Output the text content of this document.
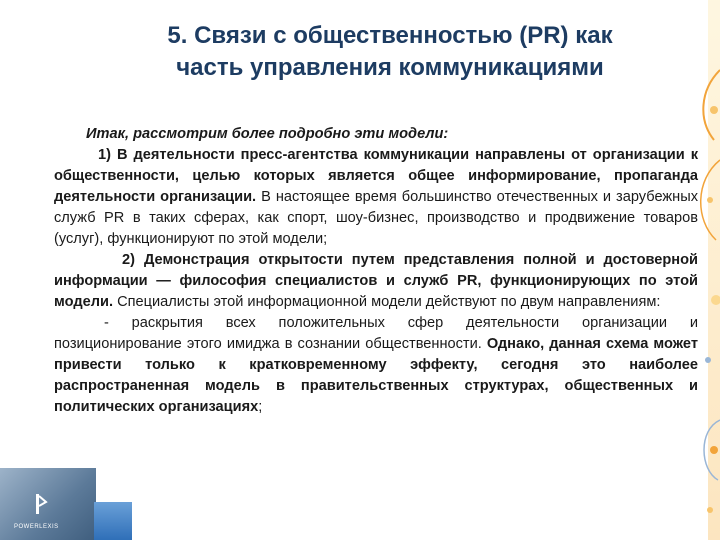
POWERLEXIS
5. Связи с общественностью (PR) как
часть управления коммуникациями
Итак, рассмотрим более подробно эти модели:

1) В деятельности пресс-агентства коммуникации направлены от организации к общественности, целью которых является общее информирование, пропаганда деятельности организации. В настоящее время большинство отечественных и зарубежных служб PR в таких сферах, как спорт, шоу-бизнес, производство и продвижение товаров (услуг), функционируют по этой модели;

2) Демонстрация открытости путем представления полной и достоверной информации — философия специалистов и служб PR, функционирующих по этой модели. Специалисты этой информационной модели действуют по двум направлениям:

- раскрытия всех положительных сфер деятельности организации и позиционирование этого имиджа в сознании общественности. Однако, данная схема может привести только к кратковременному эффекту, сегодня это наиболее распространенная модель в правительственных структурах, общественных и политических организациях;
